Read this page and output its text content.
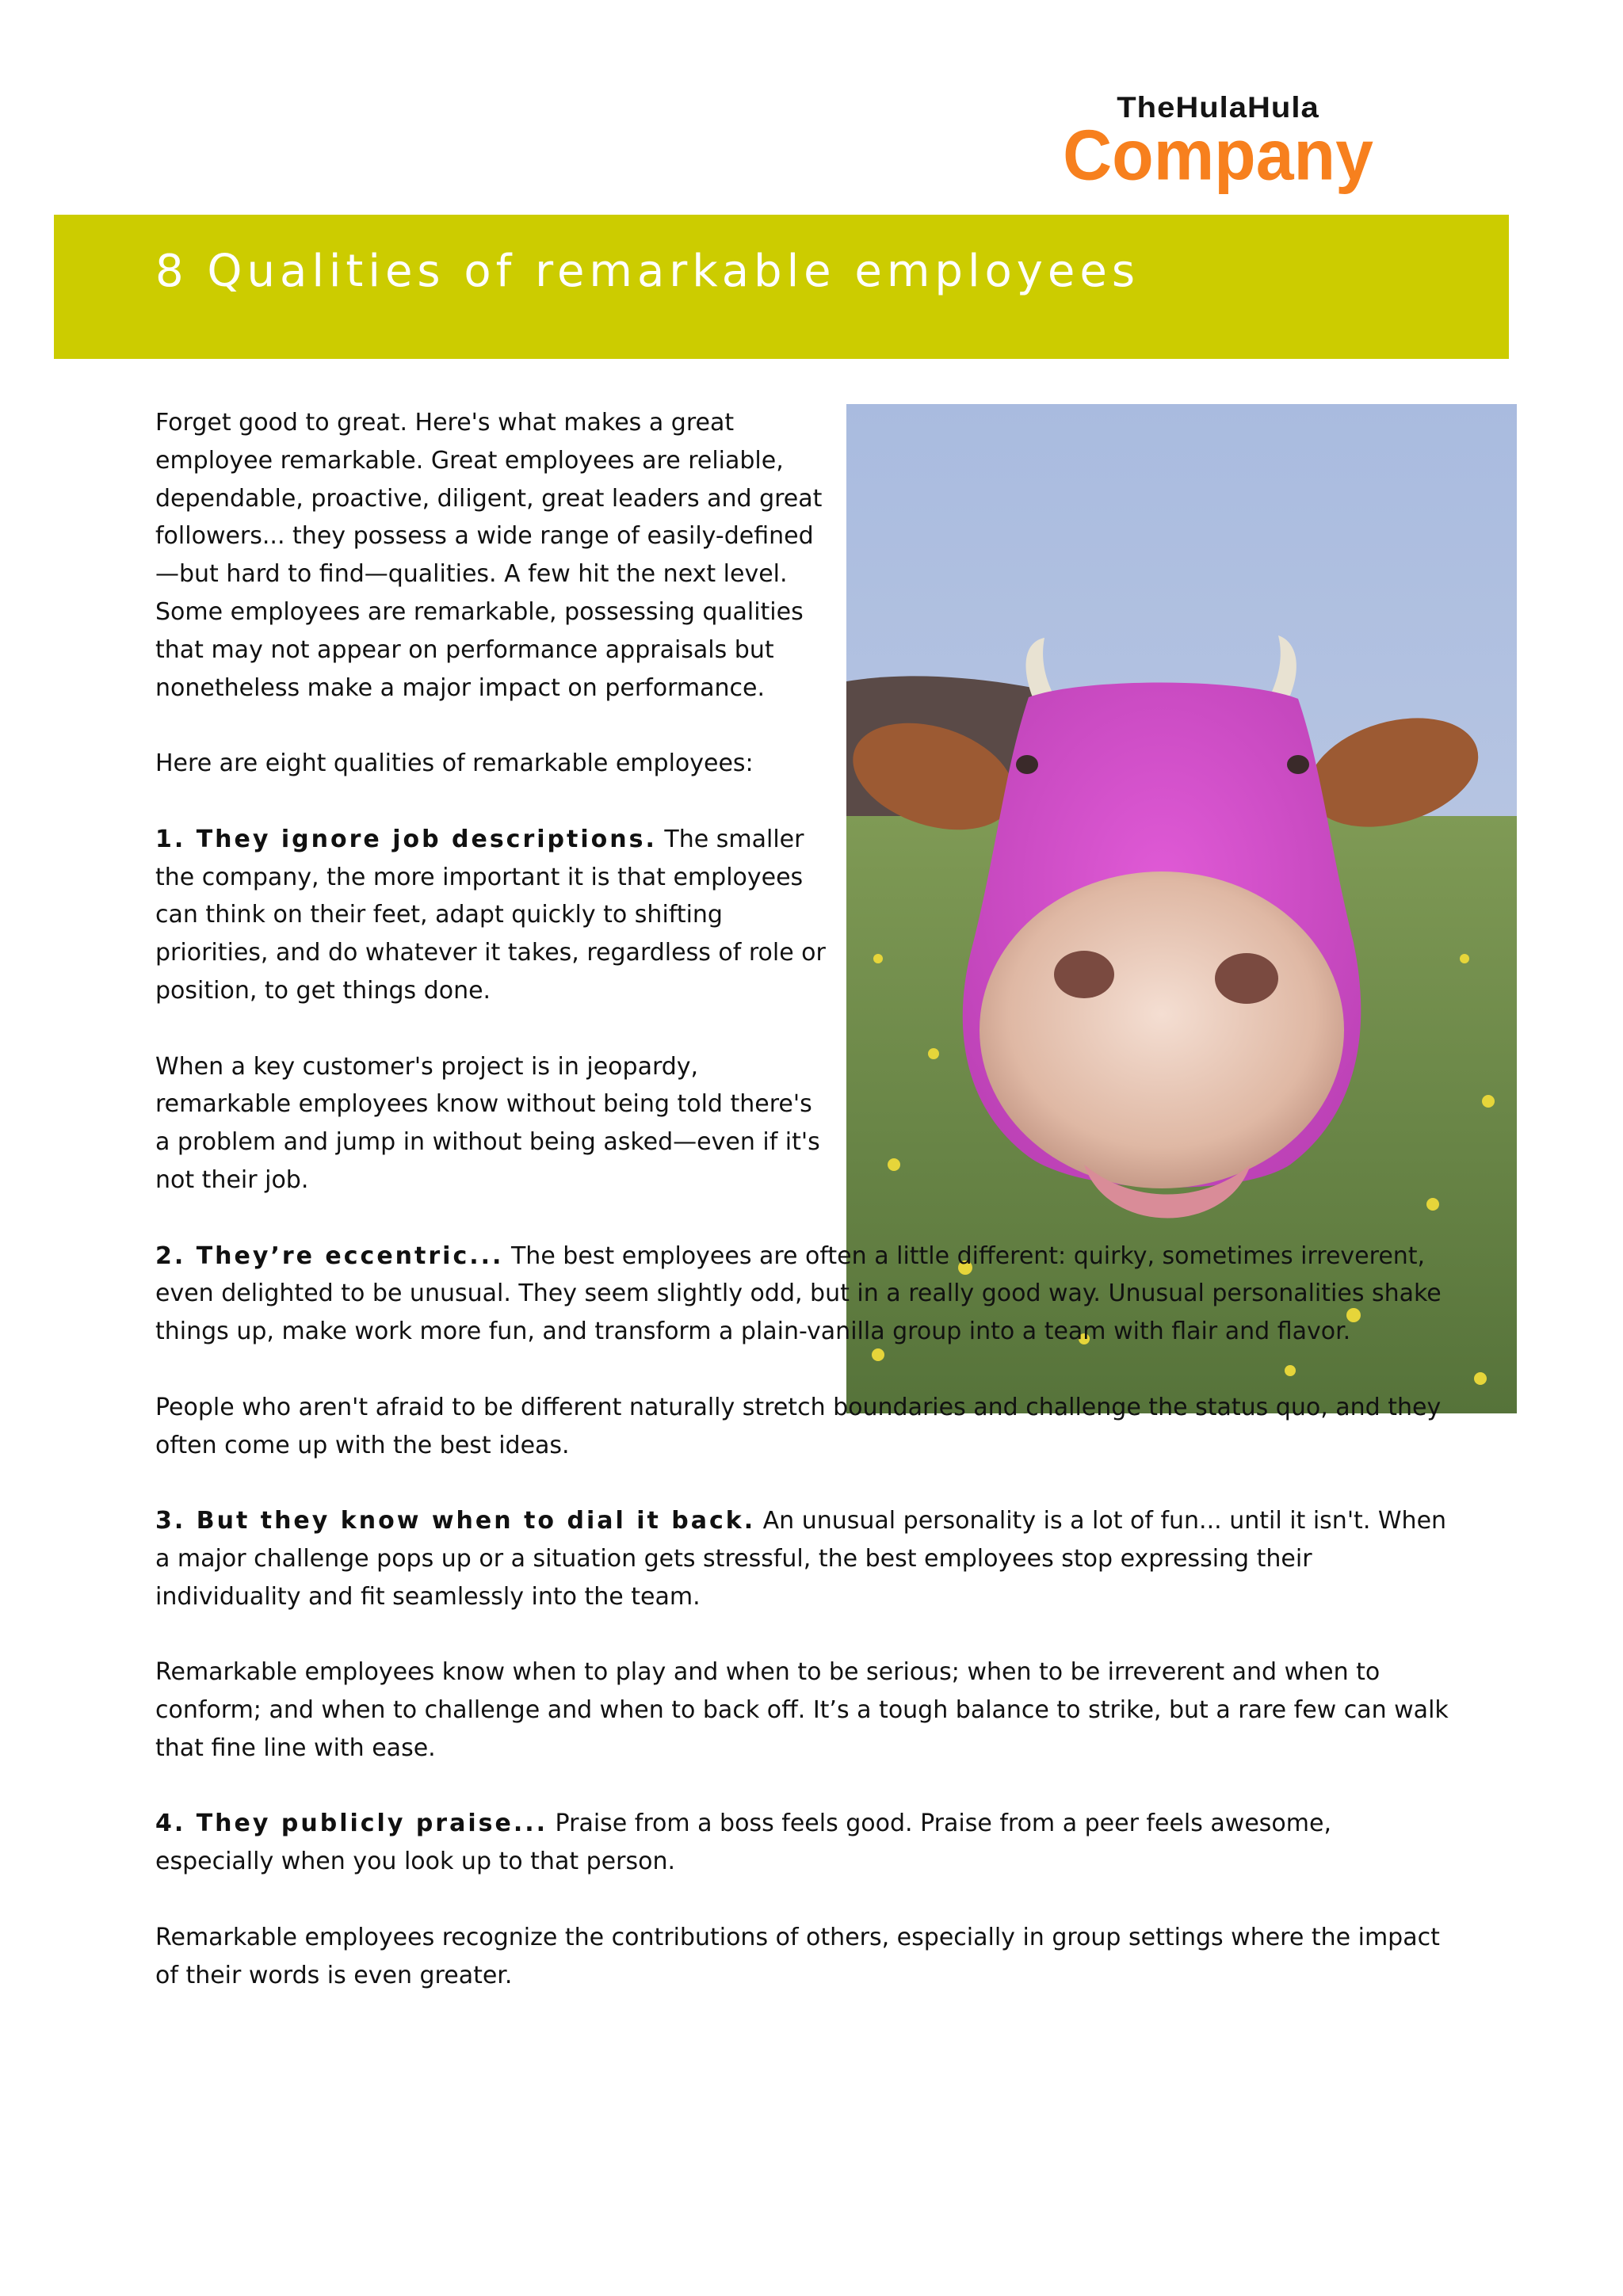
TheHulaHula
Company
8 Qualities of remarkable employees

Forget good to great. Here's what makes a great employee remarkable. Great employees are reliable, dependable, proactive, diligent, great leaders and great followers... they possess a wide range of easily-defined—but hard to find—qualities. A few hit the next level. Some employees are remarkable, possessing qualities that may not appear on performance appraisals but nonetheless make a major impact on performance.

Here are eight qualities of remarkable employees:

1. They ignore job descriptions. The smaller the company, the more important it is that employees can think on their feet, adapt quickly to shifting priorities, and do whatever it takes, regardless of role or position, to get things done.

When a key customer's project is in jeopardy, remarkable employees know without being told there's a problem and jump in without being asked—even if it's not their job.

2. They’re eccentric... The best employees are often a little different: quirky, sometimes irreverent, even delighted to be unusual. They seem slightly odd, but in a really good way. Unusual personalities shake things up, make work more fun, and transform a plain-vanilla group into a team with flair and flavor.

People who aren't afraid to be different naturally stretch boundaries and challenge the status quo, and they often come up with the best ideas.

3. But they know when to dial it back. An unusual personality is a lot of fun... until it isn't. When a major challenge pops up or a situation gets stressful, the best employees stop expressing their individuality and fit seamlessly into the team.

Remarkable employees know when to play and when to be serious; when to be irreverent and when to conform; and when to challenge and when to back off. It’s a tough balance to strike, but a rare few can walk that fine line with ease.

4. They publicly praise... Praise from a boss feels good. Praise from a peer feels awesome, especially when you look up to that person.

Remarkable employees recognize the contributions of others, especially in group settings where the impact of their words is even greater.
